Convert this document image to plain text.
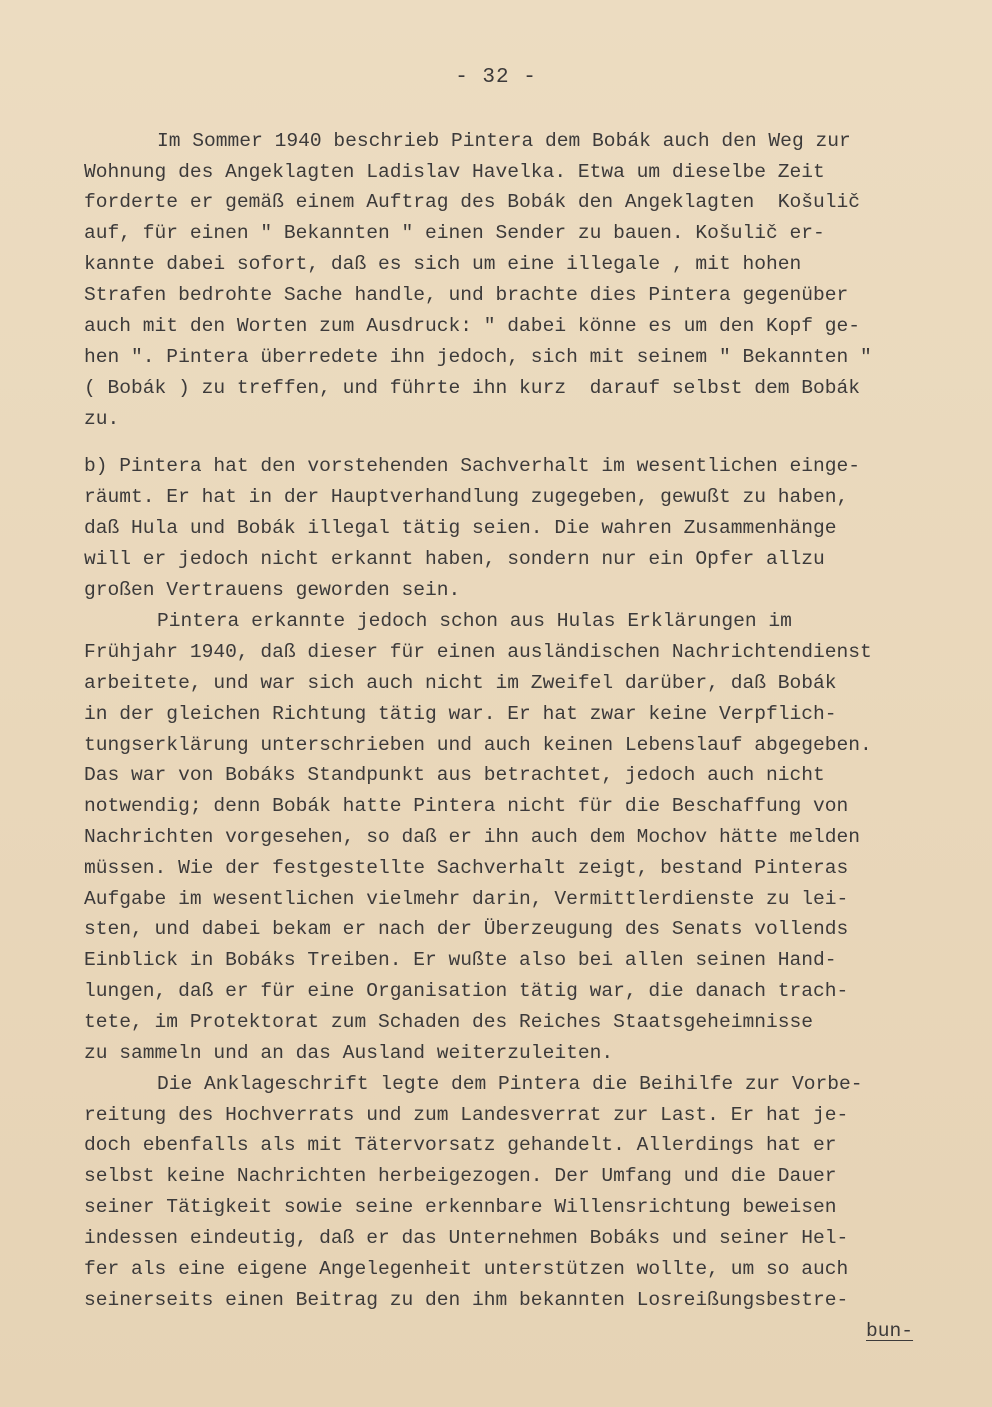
- 32 -
Im Sommer 1940 beschrieb Pintera dem Bobák auch den Weg zur
Wohnung des Angeklagten Ladislav Havelka. Etwa um dieselbe Zeit
forderte er gemäß einem Auftrag des Bobák den Angeklagten  Košulič
auf, für einen " Bekannten " einen Sender zu bauen. Košulič er-
kannte dabei sofort, daß es sich um eine illegale , mit hohen
Strafen bedrohte Sache handle, und brachte dies Pintera gegenüber
auch mit den Worten zum Ausdruck: " dabei könne es um den Kopf ge-
hen ". Pintera überredete ihn jedoch, sich mit seinem " Bekannten "
( Bobák ) zu treffen, und führte ihn kurz  darauf selbst dem Bobák
zu.
b) Pintera hat den vorstehenden Sachverhalt im wesentlichen einge-
räumt. Er hat in der Hauptverhandlung zugegeben, gewußt zu haben,
daß Hula und Bobák illegal tätig seien. Die wahren Zusammenhänge
will er jedoch nicht erkannt haben, sondern nur ein Opfer allzu
großen Vertrauens geworden sein.
Pintera erkannte jedoch schon aus Hulas Erklärungen im
Frühjahr 1940, daß dieser für einen ausländischen Nachrichtendienst
arbeitete, und war sich auch nicht im Zweifel darüber, daß Bobák
in der gleichen Richtung tätig war. Er hat zwar keine Verpflich-
tungserklärung unterschrieben und auch keinen Lebenslauf abgegeben.
Das war von Bobáks Standpunkt aus betrachtet, jedoch auch nicht
notwendig; denn Bobák hatte Pintera nicht für die Beschaffung von
Nachrichten vorgesehen, so daß er ihn auch dem Mochov hätte melden
müssen. Wie der festgestellte Sachverhalt zeigt, bestand Pinteras
Aufgabe im wesentlichen vielmehr darin, Vermittlerdienste zu lei-
sten, und dabei bekam er nach der Überzeugung des Senats vollends
Einblick in Bobáks Treiben. Er wußte also bei allen seinen Hand-
lungen, daß er für eine Organisation tätig war, die danach trach-
tete, im Protektorat zum Schaden des Reiches Staatsgeheimnisse
zu sammeln und an das Ausland weiterzuleiten.
Die Anklageschrift legte dem Pintera die Beihilfe zur Vorbe-
reitung des Hochverrats und zum Landesverrat zur Last. Er hat je-
doch ebenfalls als mit Tätervorsatz gehandelt. Allerdings hat er
selbst keine Nachrichten herbeigezogen. Der Umfang und die Dauer
seiner Tätigkeit sowie seine erkennbare Willensrichtung beweisen
indessen eindeutig, daß er das Unternehmen Bobáks und seiner Hel-
fer als eine eigene Angelegenheit unterstützen wollte, um so auch
seinerseits einen Beitrag zu den ihm bekannten Losreißungsbestre-
bun-
